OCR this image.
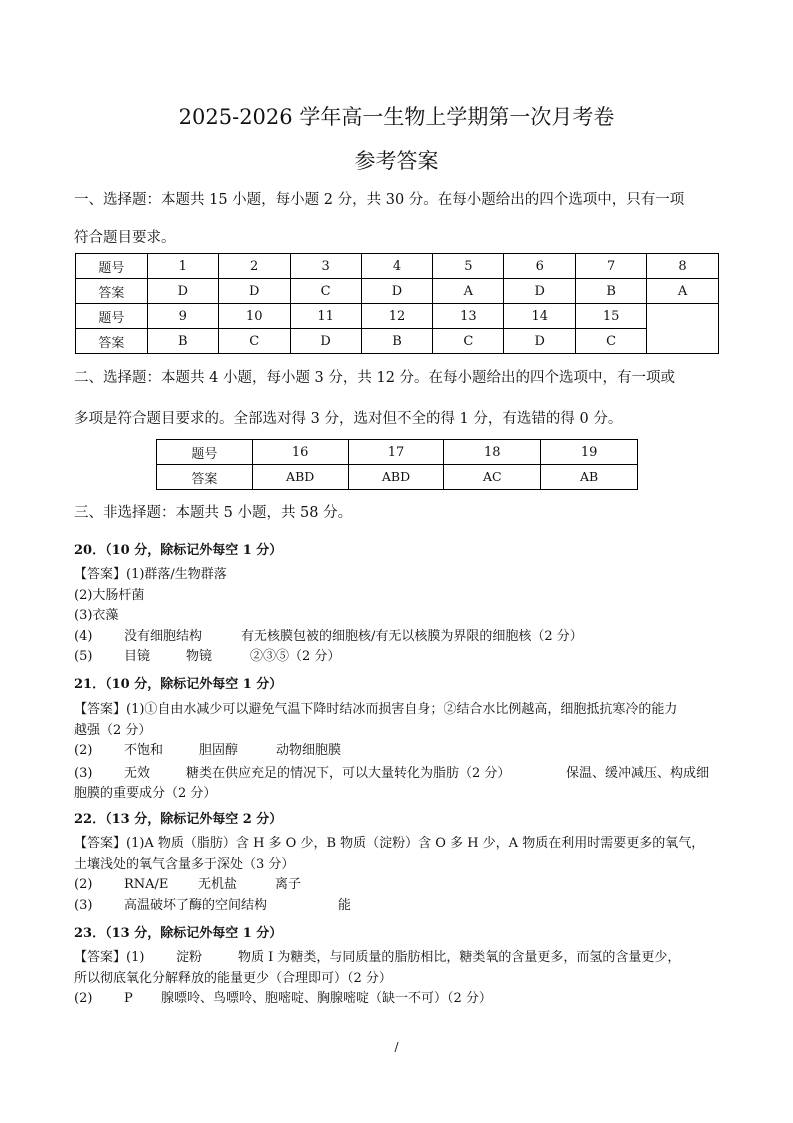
2025-2026 学年高一生物上学期第一次月考卷
参考答案
一、选择题：本题共 15 小题，每小题 2 分，共 30 分。在每小题给出的四个选项中，只有一项
符合题目要求。
题号	1	2	3	4	5	6	7	8
答案	D	D	C	D	A	D	B	A
题号	9	10	11	12	13	14	15	
答案	B	C	D	B	C	D	C	
二、选择题：本题共 4 小题，每小题 3 分，共 12 分。在每小题给出的四个选项中，有一项或
多项是符合题目要求的。全部选对得 3 分，选对但不全的得 1 分，有选错的得 0 分。
题号	16	17	18	19
答案	ABD	ABD	AC	AB
三、非选择题：本题共 5 小题，共 58 分。
20．（10 分，除标记外每空 1 分）
【答案】(1)群落/生物群落
(2)大肠杆菌
(3)衣藻
(4) 没有细胞结构	有无核膜包被的细胞核/有无以核膜为界限的细胞核（2 分）
(5) 目镜	物镜	②③⑤（2 分）
21．（10 分，除标记外每空 1 分）
【答案】(1)①自由水减少可以避免气温下降时结冰而损害自身；②结合水比例越高，细胞抵抗寒冷的能力
越强（2 分）
(2) 不饱和	胆固醇	动物细胞膜
(3) 无效	糖类在供应充足的情况下，可以大量转化为脂肪（2 分）	保温、缓冲减压、构成细
胞膜的重要成分（2 分）
22．（13 分，除标记外每空 2 分）
【答案】(1)A 物质（脂肪）含 H 多 O 少，B 物质（淀粉）含 O 多 H 少，A 物质在利用时需要更多的氧气，
土壤浅处的氧气含量多于深处（3 分）
(2) RNA/E 无机盐	离子
(3) 高温破坏了酶的空间结构	能
23．（13 分，除标记外每空 1 分）
【答案】(1) 淀粉	物质 I 为糖类，与同质量的脂肪相比，糖类氧的含量更多，而氢的含量更少，
所以彻底氧化分解释放的能量更少（合理即可）（2 分）
(2) P 腺嘌呤、鸟嘌呤、胞嘧啶、胸腺嘧啶（缺一不可）（2 分）
/
